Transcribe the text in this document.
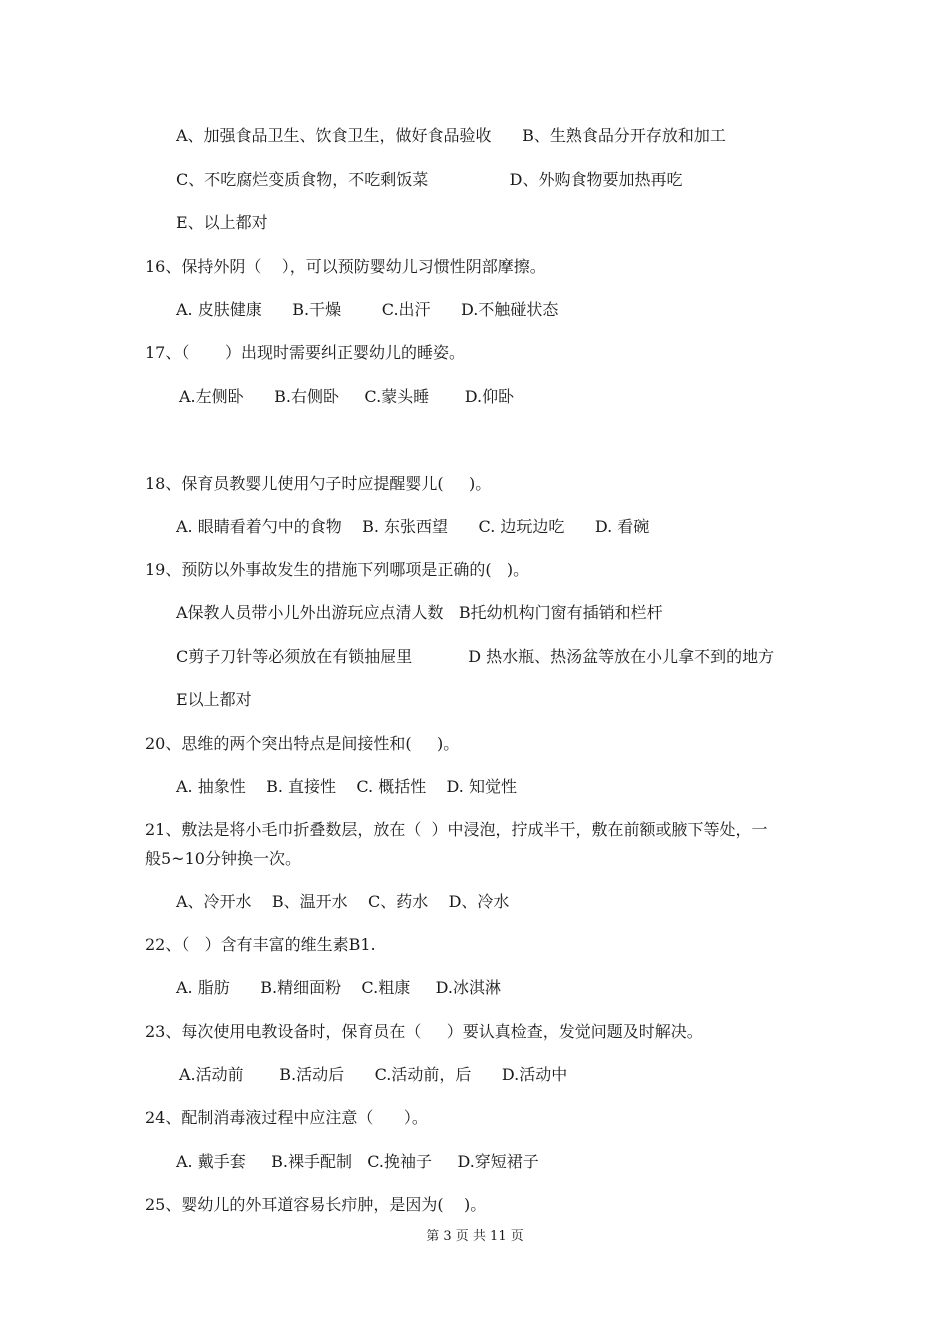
A、加强食品卫生、饮食卫生，做好食品验收      B、生熟食品分开存放和加工
C、不吃腐烂变质食物，不吃剩饭菜                D、外购食物要加热再吃
E、以上都对
16、保持外阴（    ），可以预防婴幼儿习惯性阴部摩擦。
A. 皮肤健康      B.干燥        C.出汗      D.不触碰状态
17、（       ）出现时需要纠正婴幼儿的睡姿。
A.左侧卧      B.右侧卧     C.蒙头睡       D.仰卧
18、保育员教婴儿使用勺子时应提醒婴儿(     )。
A. 眼睛看着勺中的食物    B. 东张西望      C. 边玩边吃      D. 看碗
19、预防以外事故发生的措施下列哪项是正确的(   )。
A保教人员带小儿外出游玩应点清人数   B托幼机构门窗有插销和栏杆
C剪子刀针等必须放在有锁抽屉里           D 热水瓶、热汤盆等放在小儿拿不到的地方
E以上都对
20、思维的两个突出特点是间接性和(     )。
A. 抽象性    B. 直接性    C. 概括性    D. 知觉性
21、敷法是将小毛巾折叠数层，放在（  ）中浸泡，拧成半干，敷在前额或腋下等处，一
般5~10分钟换一次。
A、冷开水    B、温开水    C、药水    D、冷水
22、（   ）含有丰富的维生素B1.
A. 脂肪      B.精细面粉    C.粗康     D.冰淇淋
23、每次使用电教设备时，保育员在（     ）要认真检查，发觉问题及时解决。
A.活动前       B.活动后      C.活动前，后      D.活动中
24、配制消毒液过程中应注意（      ）。
A. 戴手套     B.裸手配制   C.挽袖子     D.穿短裙子
25、婴幼儿的外耳道容易长疖肿，是因为(    )。
第 3 页 共 11 页
